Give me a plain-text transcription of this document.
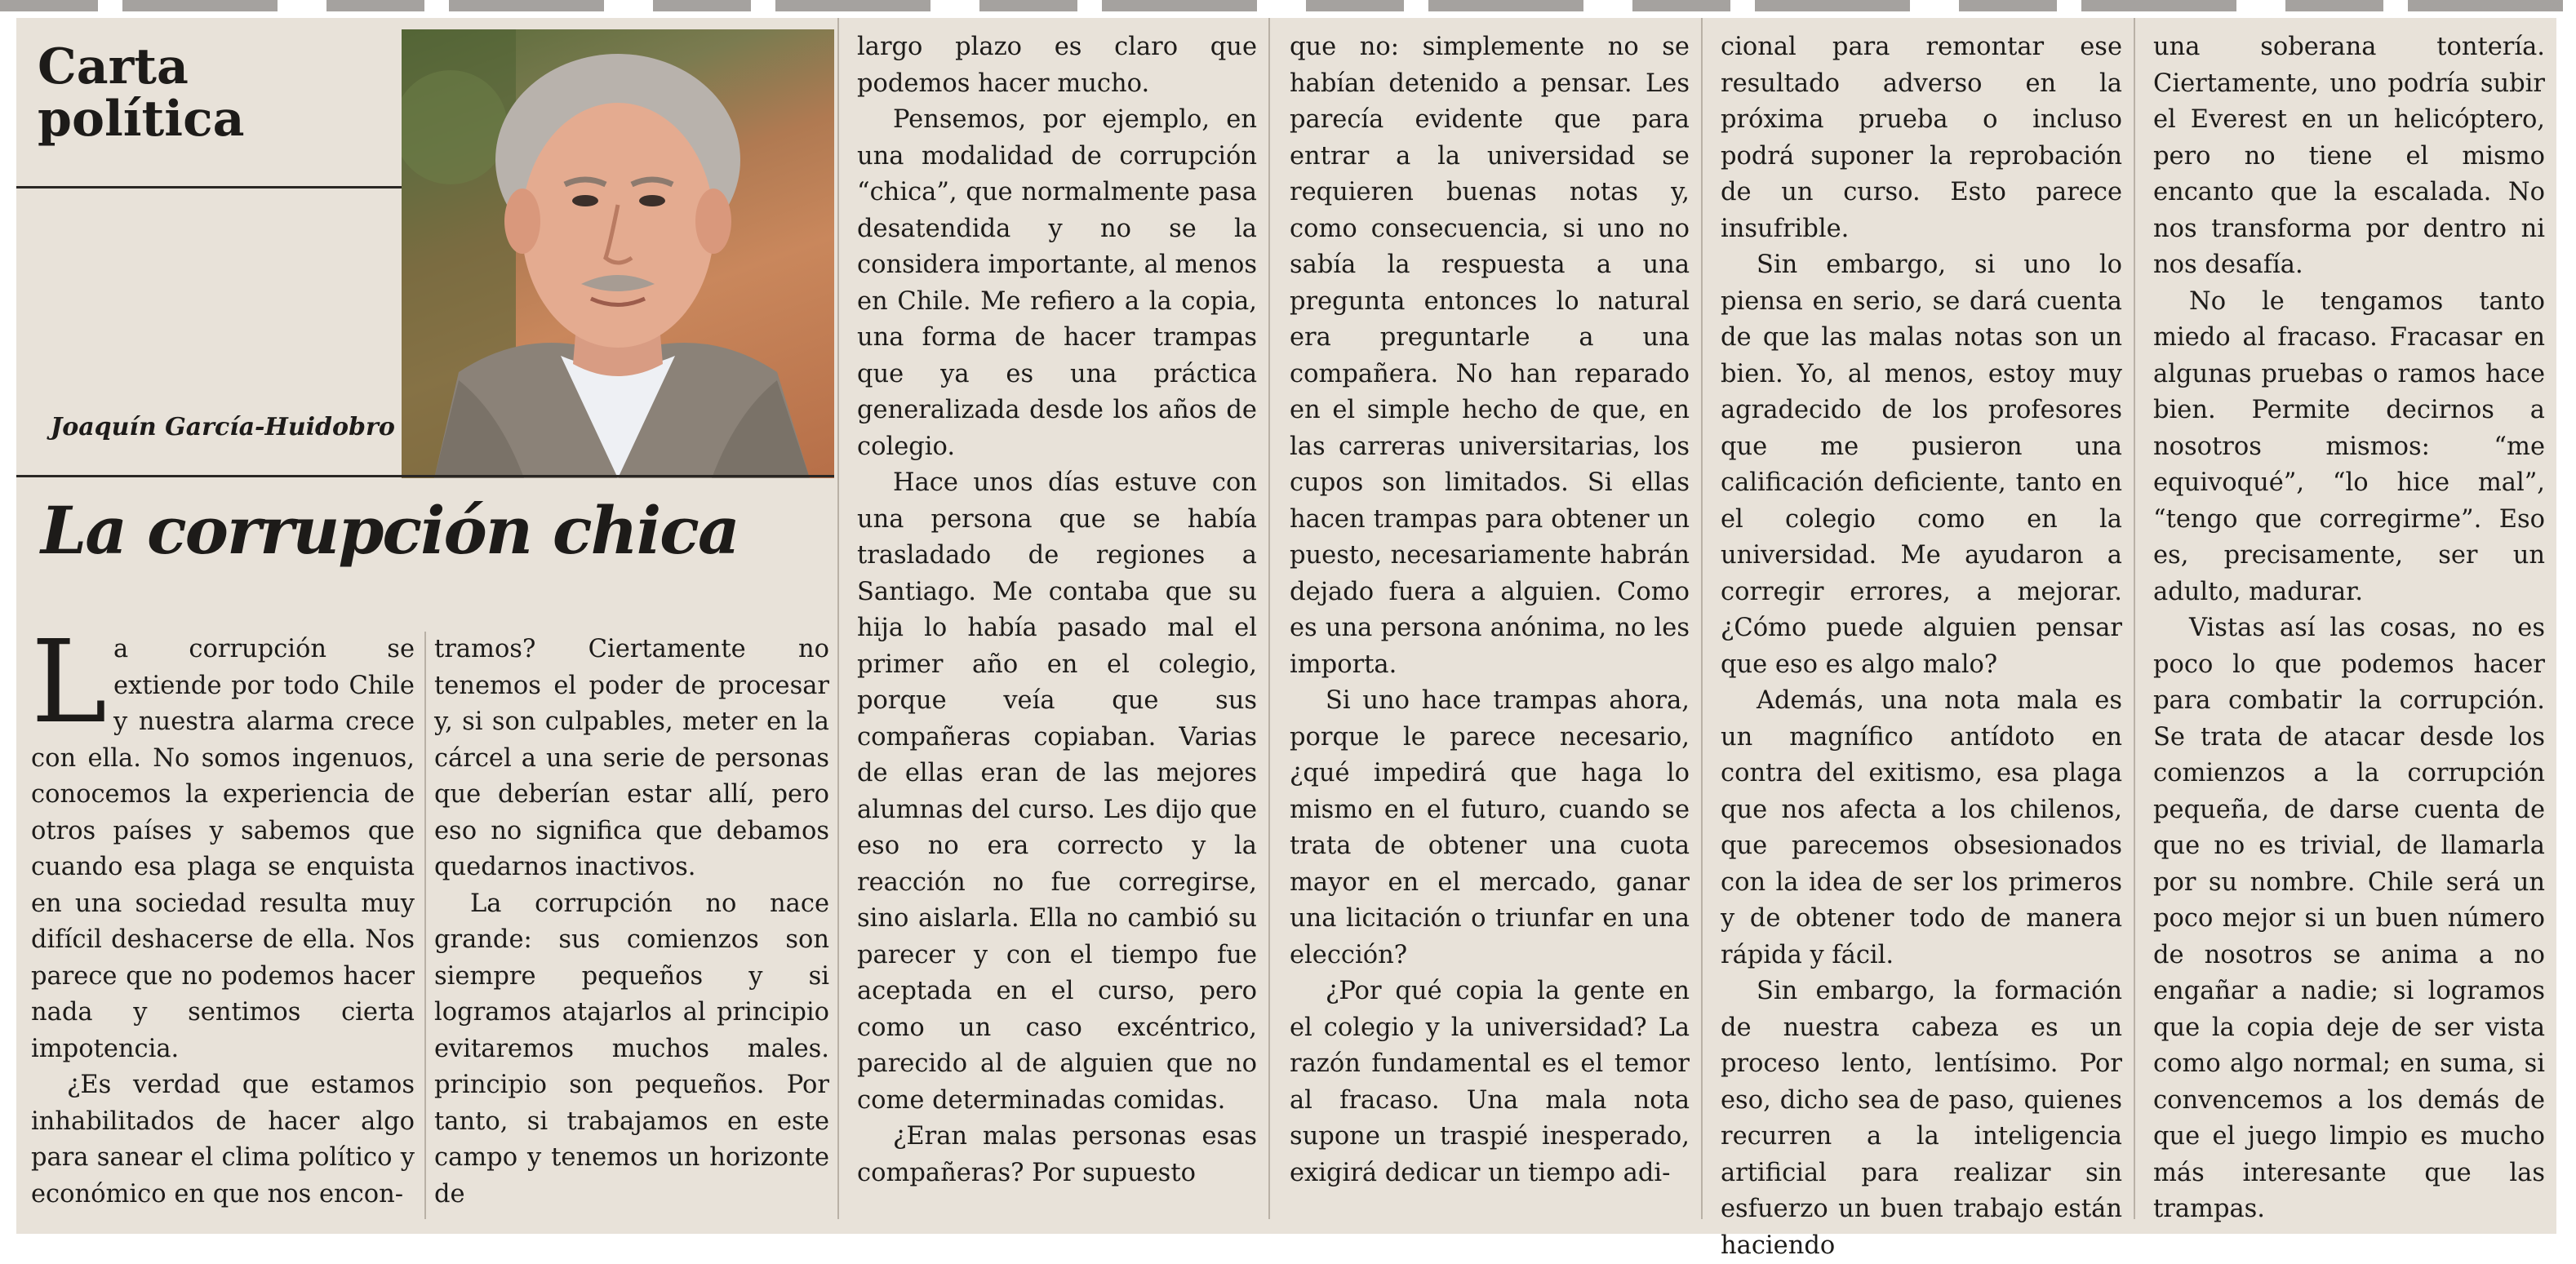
Carta
política

Joaquín García-Huidobro

La corrupción chica

La corrupción se extiende por todo Chile y nuestra alarma crece con ella. No somos ingenuos, conocemos la experiencia de otros países y sabemos que cuando esa plaga se enquista en una sociedad resulta muy difícil deshacerse de ella. Nos parece que no podemos hacer nada y sentimos cierta impotencia.

¿Es verdad que estamos inhabilitados de hacer algo para sanear el clima político y económico en que nos encon-

tramos? Ciertamente no tenemos el poder de procesar y, si son culpables, meter en la cárcel a una serie de personas que deberían estar allí, pero eso no significa que debamos quedarnos inactivos.

La corrupción no nace grande: sus comienzos son siempre pequeños y si logramos atajarlos al principio evitaremos muchos males. principio son pequeños. Por tanto, si trabajamos en este campo y tenemos un horizonte de

largo plazo es claro que podemos hacer mucho.

Pensemos, por ejemplo, en una modalidad de corrupción “chica”, que normalmente pasa desatendida y no se la considera importante, al menos en Chile. Me refiero a la copia, una forma de hacer trampas que ya es una práctica generalizada desde los años de colegio.

Hace unos días estuve con una persona que se había trasladado de regiones a Santiago. Me contaba que su hija lo había pasado mal el primer año en el colegio, porque veía que sus compañeras copiaban. Varias de ellas eran de las mejores alumnas del curso. Les dijo que eso no era correcto y la reacción no fue corregirse, sino aislarla. Ella no cambió su parecer y con el tiempo fue aceptada en el curso, pero como un caso excéntrico, parecido al de alguien que no come determinadas comidas.

¿Eran malas personas esas compañeras? Por supuesto

que no: simplemente no se habían detenido a pensar. Les parecía evidente que para entrar a la universidad se requieren buenas notas y, como consecuencia, si uno no sabía la respuesta a una pregunta entonces lo natural era preguntarle a una compañera. No han reparado en el simple hecho de que, en las carreras universitarias, los cupos son limitados. Si ellas hacen trampas para obtener un puesto, necesariamente habrán dejado fuera a alguien. Como es una persona anónima, no les importa.

Si uno hace trampas ahora, porque le parece necesario, ¿qué impedirá que haga lo mismo en el futuro, cuando se trata de obtener una cuota mayor en el mercado, ganar una licitación o triunfar en una elección?

¿Por qué copia la gente en el colegio y la universidad? La razón fundamental es el temor al fracaso. Una mala nota supone un traspié inesperado, exigirá dedicar un tiempo adi-

cional para remontar ese resultado adverso en la próxima prueba o incluso podrá suponer la reprobación de un curso. Esto parece insufrible.

Sin embargo, si uno lo piensa en serio, se dará cuenta de que las malas notas son un bien. Yo, al menos, estoy muy agradecido de los profesores que me pusieron una calificación deficiente, tanto en el colegio como en la universidad. Me ayudaron a corregir errores, a mejorar. ¿Cómo puede alguien pensar que eso es algo malo?

Además, una nota mala es un magnífico antídoto en contra del exitismo, esa plaga que nos afecta a los chilenos, que parecemos obsesionados con la idea de ser los primeros y de obtener todo de manera rápida y fácil.

Sin embargo, la formación de nuestra cabeza es un proceso lento, lentísimo. Por eso, dicho sea de paso, quienes recurren a la inteligencia artificial para realizar sin esfuerzo un buen trabajo están haciendo

una soberana tontería. Ciertamente, uno podría subir el Everest en un helicóptero, pero no tiene el mismo encanto que la escalada. No nos transforma por dentro ni nos desafía.

No le tengamos tanto miedo al fracaso. Fracasar en algunas pruebas o ramos hace bien. Permite decirnos a nosotros mismos: “me equivoqué”, “lo hice mal”, “tengo que corregirme”. Eso es, precisamente, ser un adulto, madurar.

Vistas así las cosas, no es poco lo que podemos hacer para combatir la corrupción. Se trata de atacar desde los comienzos a la corrupción pequeña, de darse cuenta de que no es trivial, de llamarla por su nombre. Chile será un poco mejor si un buen número de nosotros se anima a no engañar a nadie; si logramos que la copia deje de ser vista como algo normal; en suma, si convencemos a los demás de que el juego limpio es mucho más interesante que las trampas.
